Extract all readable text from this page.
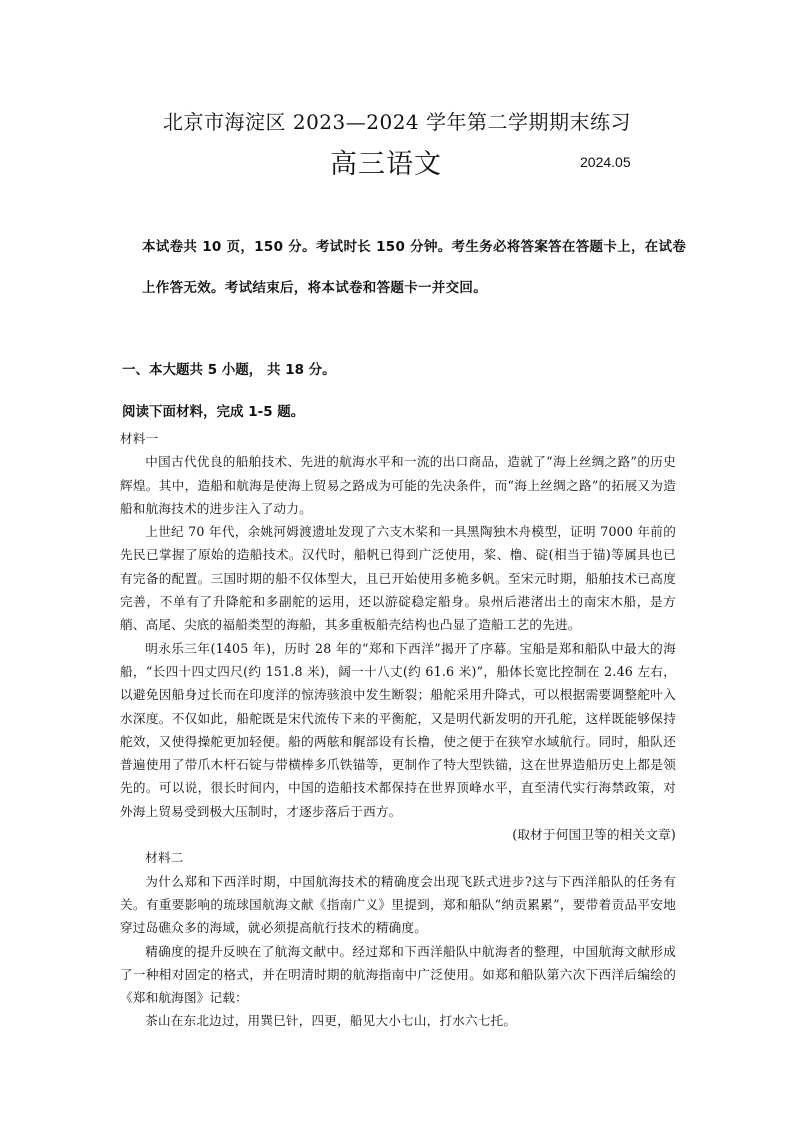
北京市海淀区 2023—2024 学年第二学期期末练习
高三语文	2024.05
本试卷共 10 页，150 分。考试时长 150 分钟。考生务必将答案答在答题卡上，在试卷
上作答无效。考试结束后，将本试卷和答题卡一并交回。
一、本大题共 5 小题， 共 18 分。
阅读下面材料，完成 1-5 题。

材料一

中国古代优良的船舶技术、先进的航海水平和一流的出口商品，造就了“海上丝绸之路”的历史辉煌。其中，造船和航海是使海上贸易之路成为可能的先决条件，而“海上丝绸之路”的拓展又为造船和航海技术的进步注入了动力。

上世纪 70 年代，余姚河姆渡遗址发现了六支木桨和一具黑陶独木舟模型，证明 7000 年前的先民已掌握了原始的造船技术。汉代时，船帆已得到广泛使用，桨、橹、碇(相当于锚)等属具也已有完备的配置。三国时期的船不仅体型大，且已开始使用多桅多帆。至宋元时期，船舶技术已高度完善，不单有了升降舵和多副舵的运用，还以游碇稳定船身。泉州后港渚出土的南宋木船，是方艄、高尾、尖底的福船类型的海船，其多重板船壳结构也凸显了造船工艺的先进。

明永乐三年(1405 年)，历时 28 年的“郑和下西洋”揭开了序幕。宝船是郑和船队中最大的海船，“长四十四丈四尺(约 151.8 米)，阔一十八丈(约 61.6 米)”，船体长宽比控制在 2.46 左右，以避免因船身过长而在印度洋的惊涛骇浪中发生断裂；船舵采用升降式，可以根据需要调整舵叶入水深度。不仅如此，船舵既是宋代流传下来的平衡舵，又是明代新发明的开孔舵，这样既能够保持舵效，又使得操舵更加轻便。船的两舷和艉部设有长橹，使之便于在狭窄水域航行。同时，船队还普遍使用了带爪木杆石锭与带横棒多爪铁锚等，更制作了特大型铁锚，这在世界造船历史上都是领先的。可以说，很长时间内，中国的造船技术都保持在世界顶峰水平，直至清代实行海禁政策，对外海上贸易受到极大压制时，才逐步落后于西方。

(取材于何国卫等的相关文章)

材料二

为什么郑和下西洋时期，中国航海技术的精确度会出现飞跃式进步?这与下西洋船队的任务有关。有重要影响的琉球国航海文献《指南广义》里提到，郑和船队“纳贡累累”，要带着贡品平安地穿过岛礁众多的海域，就必须提高航行技术的精确度。

精确度的提升反映在了航海文献中。经过郑和下西洋船队中航海者的整理，中国航海文献形成了一种相对固定的格式，并在明清时期的航海指南中广泛使用。如郑和船队第六次下西洋后编绘的《郑和航海图》记载：

茶山在东北边过，用巽巳针，四更，船见大小七山，打水六七托。
